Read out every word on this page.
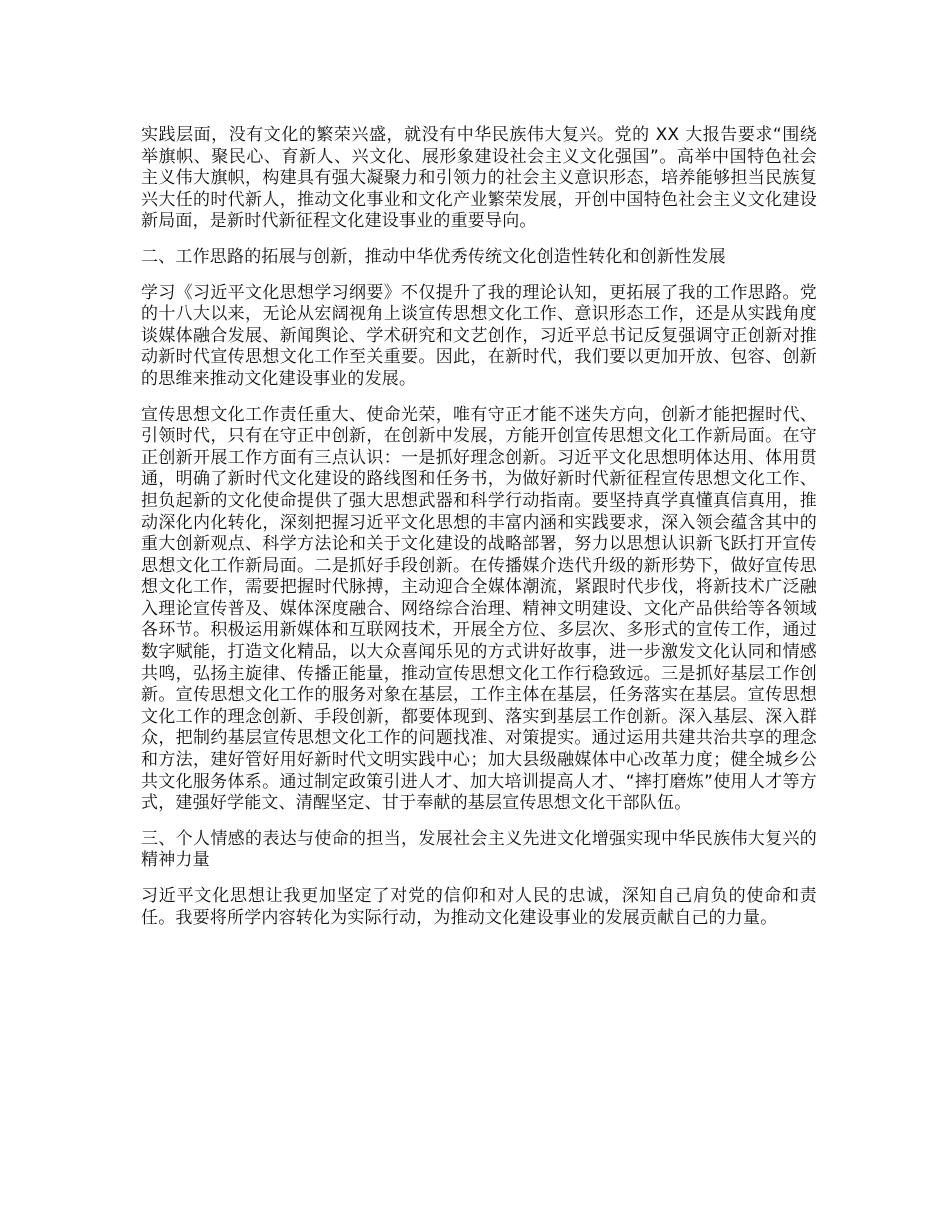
实践层面，没有文化的繁荣兴盛，就没有中华民族伟大复兴。党的 XX 大报告要求“围绕举旗帜、聚民心、育新人、兴文化、展形象建设社会主义文化强国”。高举中国特色社会主义伟大旗帜，构建具有强大凝聚力和引领力的社会主义意识形态，培养能够担当民族复兴大任的时代新人，推动文化事业和文化产业繁荣发展，开创中国特色社会主义文化建设新局面，是新时代新征程文化建设事业的重要导向。

二、工作思路的拓展与创新，推动中华优秀传统文化创造性转化和创新性发展

学习《习近平文化思想学习纲要》不仅提升了我的理论认知，更拓展了我的工作思路。党的十八大以来，无论从宏阔视角上谈宣传思想文化工作、意识形态工作，还是从实践角度谈媒体融合发展、新闻舆论、学术研究和文艺创作，习近平总书记反复强调守正创新对推动新时代宣传思想文化工作至关重要。因此，在新时代，我们要以更加开放、包容、创新的思维来推动文化建设事业的发展。

宣传思想文化工作责任重大、使命光荣，唯有守正才能不迷失方向，创新才能把握时代、引领时代，只有在守正中创新，在创新中发展，方能开创宣传思想文化工作新局面。在守正创新开展工作方面有三点认识：一是抓好理念创新。习近平文化思想明体达用、体用贯通，明确了新时代文化建设的路线图和任务书，为做好新时代新征程宣传思想文化工作、担负起新的文化使命提供了强大思想武器和科学行动指南。要坚持真学真懂真信真用，推动深化内化转化，深刻把握习近平文化思想的丰富内涵和实践要求，深入领会蕴含其中的重大创新观点、科学方法论和关于文化建设的战略部署，努力以思想认识新飞跃打开宣传思想文化工作新局面。二是抓好手段创新。在传播媒介迭代升级的新形势下，做好宣传思想文化工作，需要把握时代脉搏，主动迎合全媒体潮流，紧跟时代步伐，将新技术广泛融入理论宣传普及、媒体深度融合、网络综合治理、精神文明建设、文化产品供给等各领域各环节。积极运用新媒体和互联网技术，开展全方位、多层次、多形式的宣传工作，通过数字赋能，打造文化精品，以大众喜闻乐见的方式讲好故事，进一步激发文化认同和情感共鸣，弘扬主旋律、传播正能量，推动宣传思想文化工作行稳致远。三是抓好基层工作创新。宣传思想文化工作的服务对象在基层，工作主体在基层，任务落实在基层。宣传思想文化工作的理念创新、手段创新，都要体现到、落实到基层工作创新。深入基层、深入群众，把制约基层宣传思想文化工作的问题找准、对策提实。通过运用共建共治共享的理念和方法，建好管好用好新时代文明实践中心；加大县级融媒体中心改革力度；健全城乡公共文化服务体系。通过制定政策引进人才、加大培训提高人才、“摔打磨炼”使用人才等方式，建强好学能文、清醒坚定、甘于奉献的基层宣传思想文化干部队伍。

三、个人情感的表达与使命的担当，发展社会主义先进文化增强实现中华民族伟大复兴的精神力量

习近平文化思想让我更加坚定了对党的信仰和对人民的忠诚，深知自己肩负的使命和责任。我要将所学内容转化为实际行动，为推动文化建设事业的发展贡献自己的力量。
